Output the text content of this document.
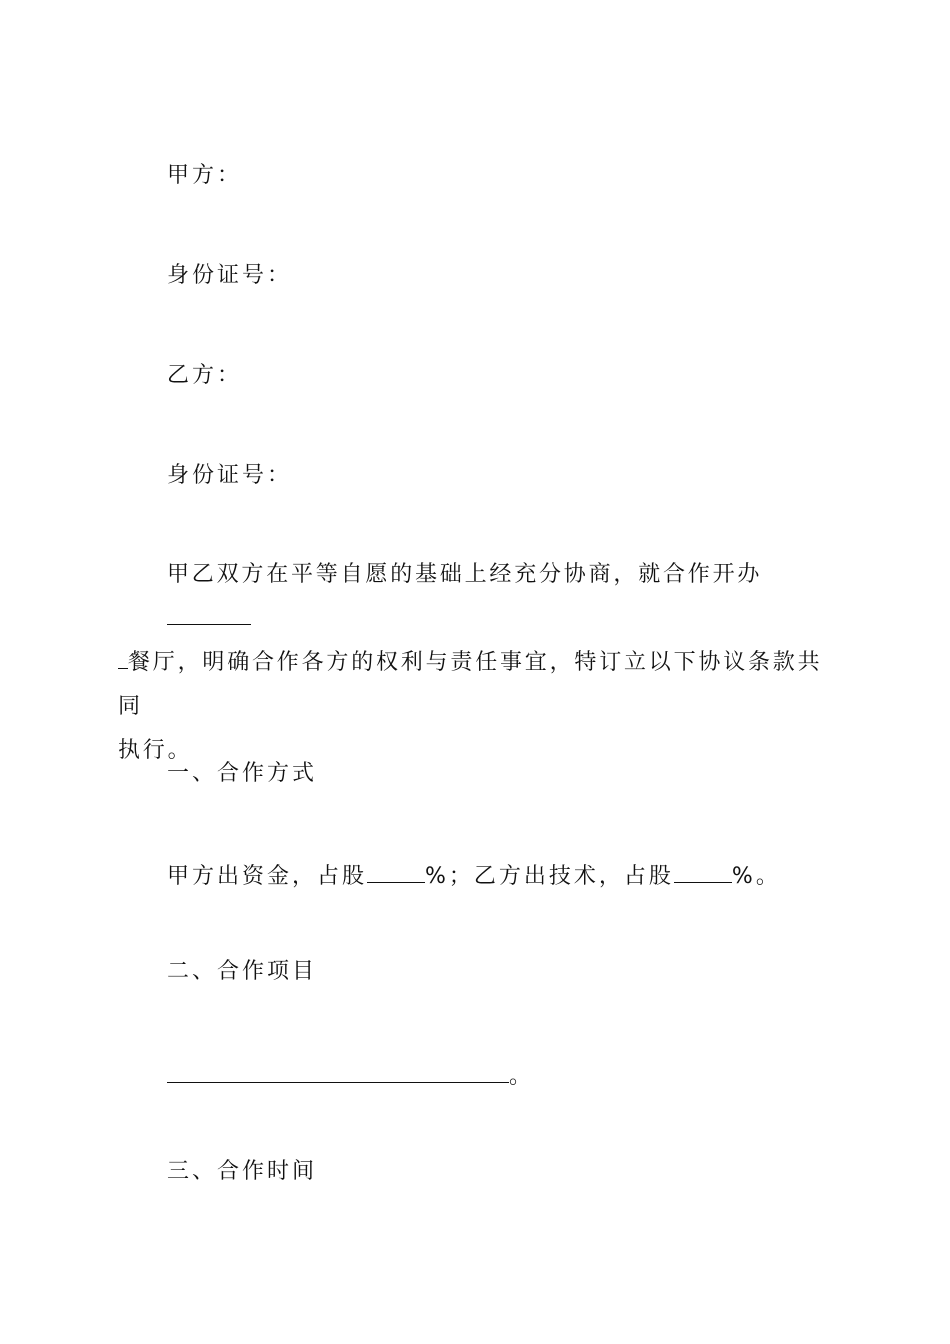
甲方：
身份证号：
乙方：
身份证号：
甲乙双方在平等自愿的基础上经充分协商，就合作开办
餐厅，明确合作各方的权利与责任事宜，特订立以下协议条款共同
执行。
一、合作方式
甲方出资金，占股	%；乙方出技术，占股	%。
二、合作项目
。
三、合作时间
